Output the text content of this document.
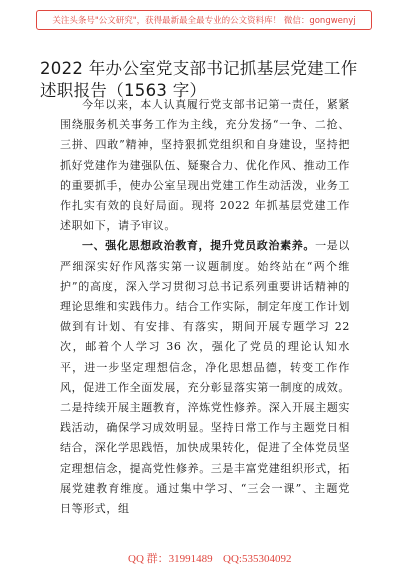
关注头条号"公文研究"，获得最新最全最专业的公文资料库！ 微信：gongwenyj
2022 年办公室党支部书记抓基层党建工作述职报告（1563 字）

今年以来，本人认真履行党支部书记第一责任，紧紧围绕服务机关事务工作为主线，充分发扬“一争、二抢、三拼、四敢”精神，坚持狠抓党组织和自身建设，坚持把抓好党建作为建强队伍、疑聚合力、优化作风、推动工作的重要抓手，使办公室呈现出党建工作生动活泼，业务工作扎实有效的良好局面。现将 2022 年抓基层党建工作述职如下，请予审议。

一、强化思想政治教育，提升党员政治素养。一是以严细深实好作风落实第一议题制度。始终站在“两个维护”的高度，深入学习贯彻习总书记系列重要讲话精神的理论思维和实践伟力。结合工作实际，制定年度工作计划做到有计划、有安排、有落实，期间开展专题学习 22 次，邮着个人学习 36 次，强化了党员的理论认知水平，进一步坚定理想信念，净化思想品德，转变工作作风，促进工作全面发展，充分彰显落实第一制度的成效。二是持续开展主题教育，淬炼党性修养。深入开展主题实践活动，确保学习成效明显。坚持日常工作与主题党日相结合，深化学思践悟，加快成果转化，促进了全体党员坚定理想信念，提高党性修养。三是丰富党建组织形式，拓展党建教育维度。通过集中学习、“三会一课”、主题党日等形式，组

QQ 群：31991489 QQ:535304092
